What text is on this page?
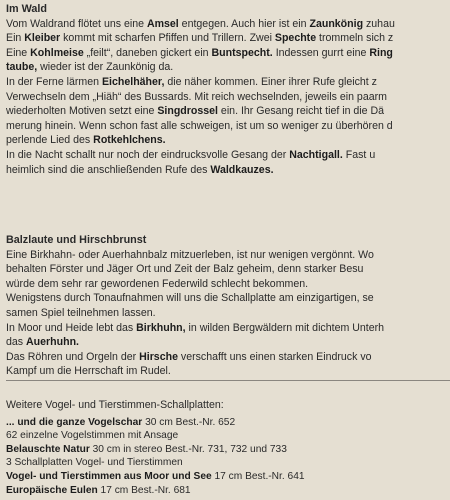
Im Wald

Vom Waldrand flötet uns eine Amsel entgegen. Auch hier ist ein Zaunkönig zuhau
Ein Kleiber kommt mit scharfen Pfiffen und Trillern. Zwei Spechte trommeln sich z
Eine Kohlmeise „feilt“, daneben gickert ein Buntspecht. Indessen gurrt eine Ring
taube, wieder ist der Zaunkönig da.
In der Ferne lärmen Eichelhäher, die näher kommen. Einer ihrer Rufe gleicht z
Verwechseln dem „Hiäh“ des Bussards. Mit reich wechselnden, jeweils ein paarm
wiederholten Motiven setzt eine Singdrossel ein. Ihr Gesang reicht tief in die Dä
merung hinein. Wenn schon fast alle schweigen, ist um so weniger zu überhören d
perlende Lied des Rotkehlchens.
In die Nacht schallt nur noch der eindrucksvolle Gesang der Nachtigall. Fast u
heimlich sind die anschließenden Rufe des Waldkauzes.

Balzlaute und Hirschbrunst

Eine Birkhahn- oder Auerhahnbalz mitzuerleben, ist nur wenigen vergönnt. Wo
behalten Förster und Jäger Ort und Zeit der Balz geheim, denn starker Besu
würde dem sehr rar gewordenen Federwild schlecht bekommen.
Wenigstens durch Tonaufnahmen will uns die Schallplatte am einzigartigen, se
samen Spiel teilnehmen lassen.
In Moor und Heide lebt das Birkhuhn, in wilden Bergwäldern mit dichtem Unterh
das Auerhuhn.
Das Röhren und Orgeln der Hirsche verschafft uns einen starken Eindruck vo
Kampf um die Herrschaft im Rudel.

Weitere Vogel- und Tierstimmen-Schallplatten:

... und die ganze Vogelschar 30 cm Best.-Nr. 652
62 einzelne Vogelstimmen mit Ansage
Belauschte Natur 30 cm in stereo Best.-Nr. 731, 732 und 733
3 Schallplatten Vogel- und Tierstimmen
Vogel- und Tierstimmen aus Moor und See 17 cm Best.-Nr. 641
Europäische Eulen 17 cm Best.-Nr. 681
